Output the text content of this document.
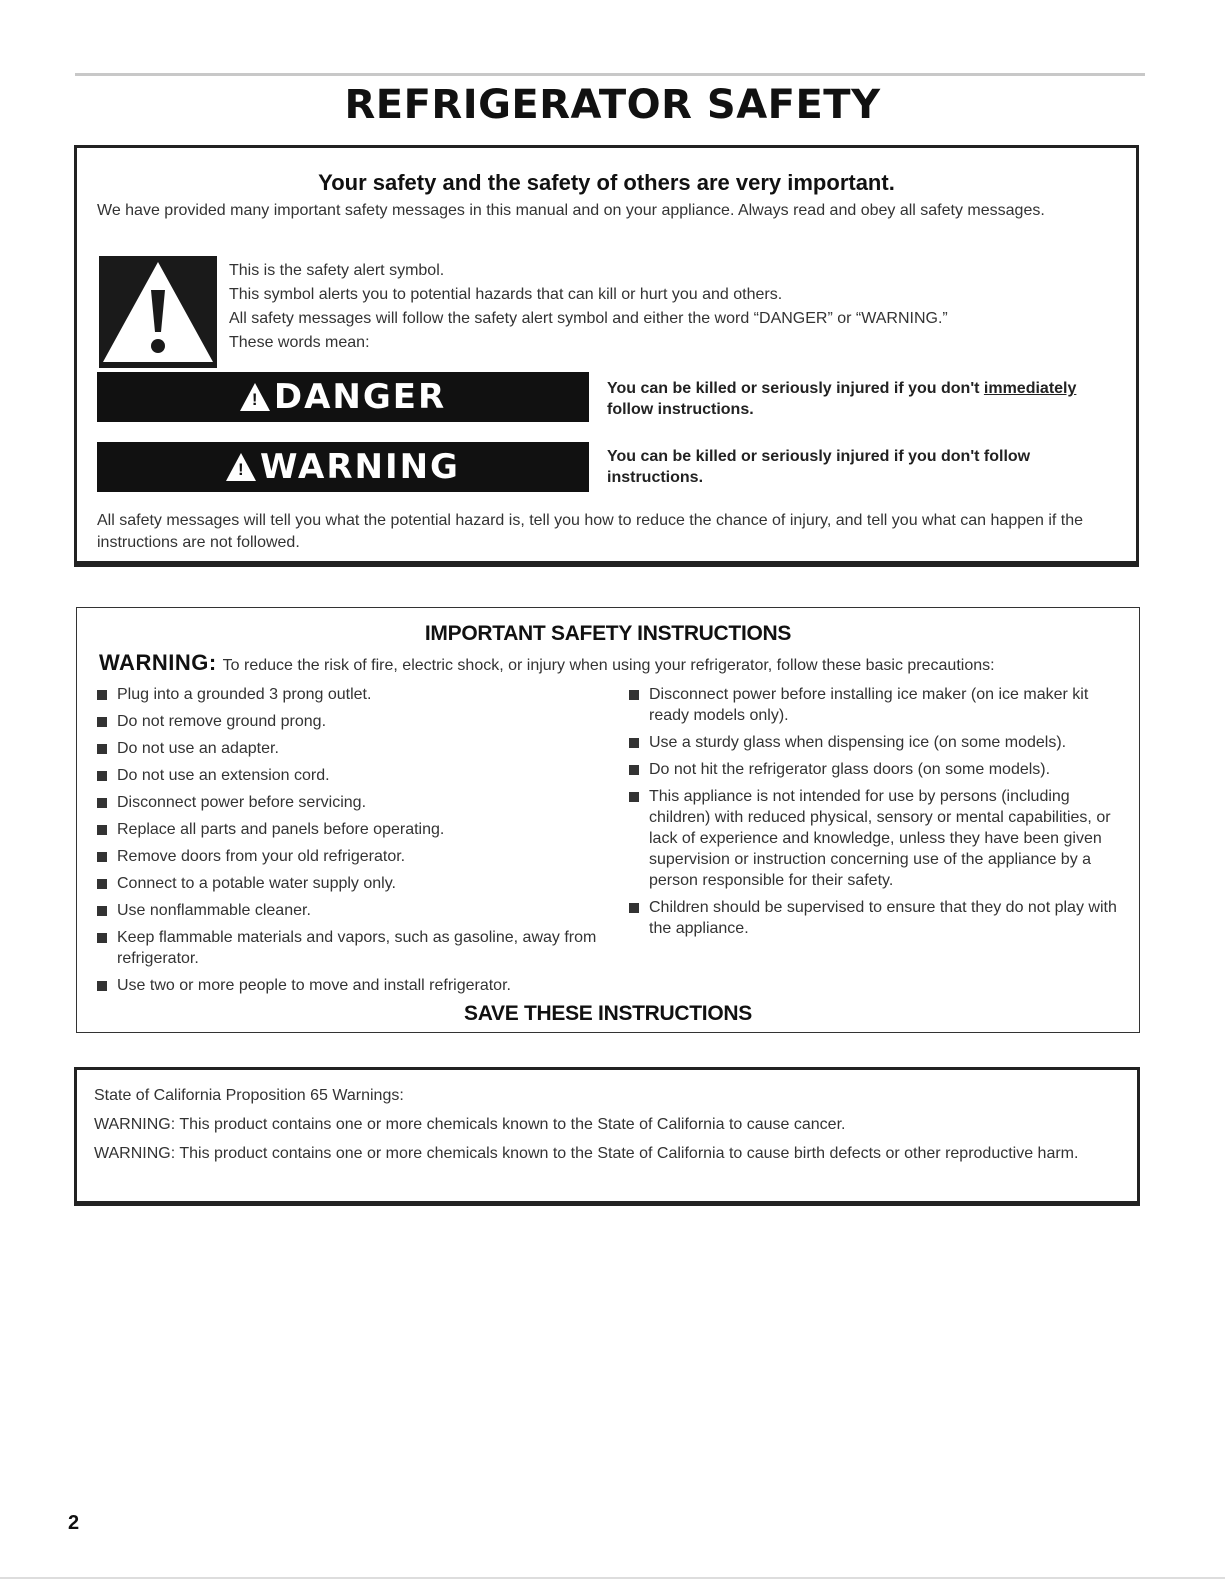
REFRIGERATOR SAFETY
Your safety and the safety of others are very important.
We have provided many important safety messages in this manual and on your appliance. Always read and obey all safety messages.
This is the safety alert symbol.
This symbol alerts you to potential hazards that can kill or hurt you and others.
All safety messages will follow the safety alert symbol and either the word “DANGER” or “WARNING.”
These words mean:
!
DANGER	You can be killed or seriously injured if you don't immediately follow instructions.
!
WARNING	You can be killed or seriously injured if you don't follow instructions.
All safety messages will tell you what the potential hazard is, tell you how to reduce the chance of injury, and tell you what can happen if the instructions are not followed.
IMPORTANT SAFETY INSTRUCTIONS
WARNING: To reduce the risk of fire, electric shock, or injury when using your refrigerator, follow these basic precautions:
Plug into a grounded 3 prong outlet.
Do not remove ground prong.
Do not use an adapter.
Do not use an extension cord.
Disconnect power before servicing.
Replace all parts and panels before operating.
Remove doors from your old refrigerator.
Connect to a potable water supply only.
Use nonflammable cleaner.
Keep flammable materials and vapors, such as gasoline, away from refrigerator.
Use two or more people to move and install refrigerator.
Disconnect power before installing ice maker (on ice maker kit ready models only).
Use a sturdy glass when dispensing ice (on some models).
Do not hit the refrigerator glass doors (on some models).
This appliance is not intended for use by persons (including children) with reduced physical, sensory or mental capabilities, or lack of experience and knowledge, unless they have been given supervision or instruction concerning use of the appliance by a person responsible for their safety.
Children should be supervised to ensure that they do not play with the appliance.
SAVE THESE INSTRUCTIONS

State of California Proposition 65 Warnings:

WARNING: This product contains one or more chemicals known to the State of California to cause cancer.

WARNING: This product contains one or more chemicals known to the State of California to cause birth defects or other reproductive harm.

2
